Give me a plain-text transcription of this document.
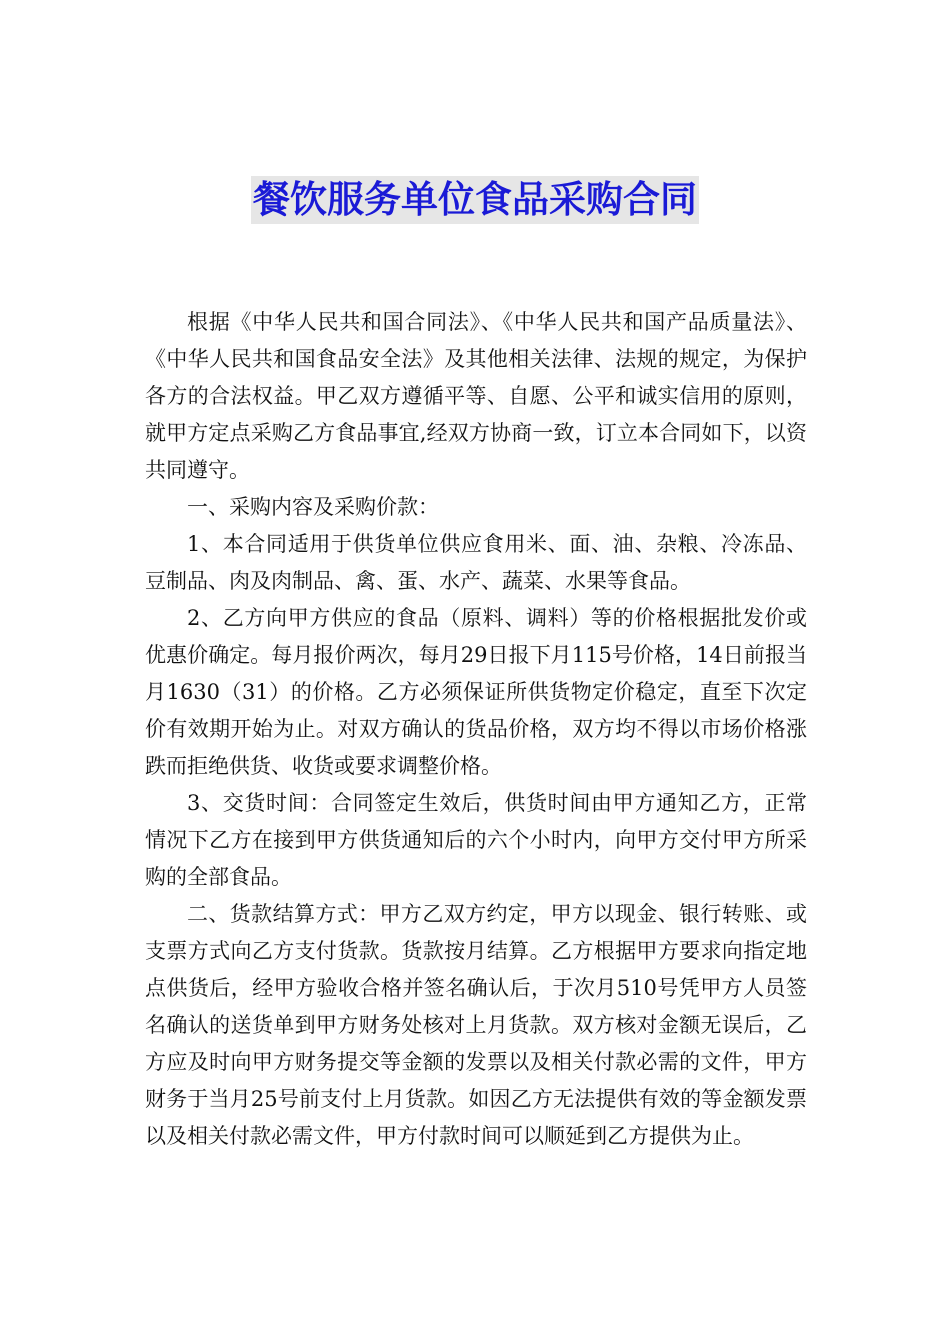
餐饮服务单位食品采购合同

根据《中华人民共和国合同法》、《中华人民共和国产品质量法》、《中华人民共和国食品安全法》及其他相关法律、法规的规定，为保护各方的合法权益。甲乙双方遵循平等、自愿、公平和诚实信用的原则，就甲方定点采购乙方食品事宜,经双方协商一致，订立本合同如下，以资共同遵守。

一、采购内容及采购价款：

1、本合同适用于供货单位供应食用米、面、油、杂粮、冷冻品、豆制品、肉及肉制品、禽、蛋、水产、蔬菜、水果等食品。

2、乙方向甲方供应的食品（原料、调料）等的价格根据批发价或优惠价确定。每月报价两次，每月29日报下月115号价格，14日前报当月1630（31）的价格。乙方必须保证所供货物定价稳定，直至下次定价有效期开始为止。对双方确认的货品价格，双方均不得以市场价格涨跌而拒绝供货、收货或要求调整价格。

3、交货时间：合同签定生效后，供货时间由甲方通知乙方，正常情况下乙方在接到甲方供货通知后的六个小时内，向甲方交付甲方所采购的全部食品。

二、货款结算方式：甲方乙双方约定，甲方以现金、银行转账、或支票方式向乙方支付货款。货款按月结算。乙方根据甲方要求向指定地点供货后，经甲方验收合格并签名确认后，于次月510号凭甲方人员签名确认的送货单到甲方财务处核对上月货款。双方核对金额无误后，乙方应及时向甲方财务提交等金额的发票以及相关付款必需的文件，甲方财务于当月25号前支付上月货款。如因乙方无法提供有效的等金额发票以及相关付款必需文件，甲方付款时间可以顺延到乙方提供为止。
